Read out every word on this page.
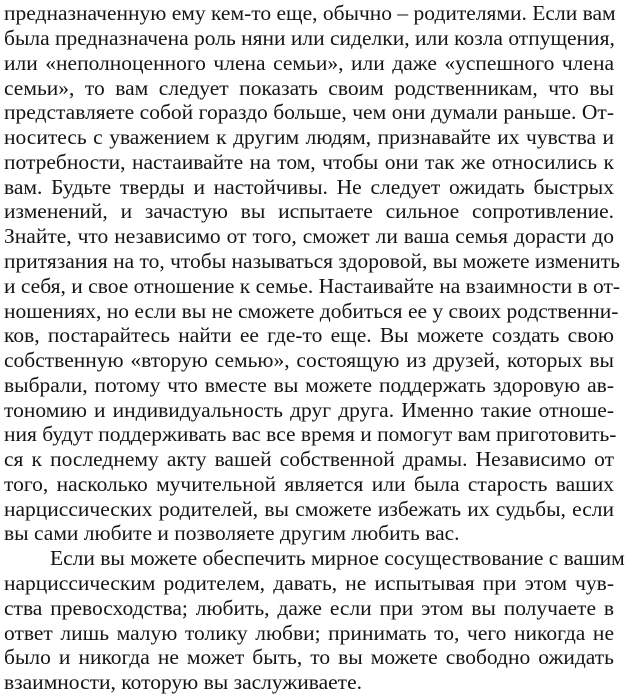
предназначенную ему кем-то еще, обычно – родителями. Если вам
была предназначена роль няни или сиделки, или козла отпущения,
или «неполноценного члена семьи», или даже «успешного члена
семьи», то вам следует показать своим родственникам, что вы
представляете собой гораздо больше, чем они думали раньше. От-
носитесь с уважением к другим людям, признавайте их чувства и
потребности, настаивайте на том, чтобы они так же относились к
вам. Будьте тверды и настойчивы. Не следует ожидать быстрых
изменений, и зачастую вы испытаете сильное сопротивление.
Знайте, что независимо от того, сможет ли ваша семья дорасти до
притязания на то, чтобы называться здоровой, вы можете изменить
и себя, и свое отношение к семье. Настаивайте на взаимности в от-
ношениях, но если вы не сможете добиться ее у своих родственни-
ков, постарайтесь найти ее где-то еще. Вы можете создать свою
собственную «вторую семью», состоящую из друзей, которых вы
выбрали, потому что вместе вы можете поддержать здоровую ав-
тономию и индивидуальность друг друга. Именно такие отноше-
ния будут поддерживать вас все время и помогут вам приготовить-
ся к последнему акту вашей собственной драмы. Независимо от
того, насколько мучительной является или была старость ваших
нарциссических родителей, вы сможете избежать их судьбы, если
вы сами любите и позволяете другим любить вас.
Если вы можете обеспечить мирное сосуществование с вашим
нарциссическим родителем, давать, не испытывая при этом чув-
ства превосходства; любить, даже если при этом вы получаете в
ответ лишь малую толику любви; принимать то, чего никогда не
было и никогда не может быть, то вы можете свободно ожидать
взаимности, которую вы заслуживаете.
